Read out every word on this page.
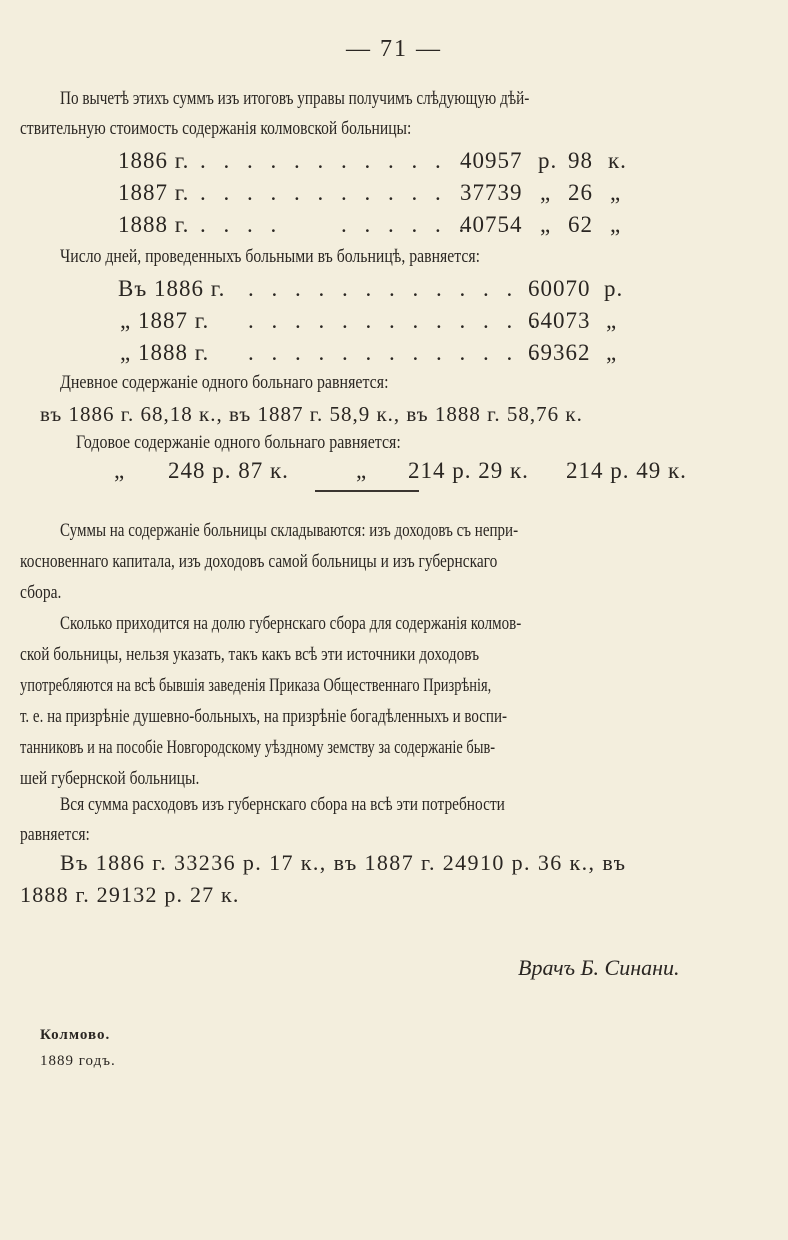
— 71 —
По вычетѣ этихъ суммъ изъ итоговъ управы получимъ слѣдующую дѣй-
ствительную стоимость содержанія колмовской больницы:
1886 г. . . . . . . . . . . . 40957 р. 98 к.
1887 г. . . . . . . . . . . . 37739 „ 26 „
1888 г. . . . .     . . . . . .
40754 „ 62 „
Число дней, проведенныхъ больными въ больницѣ, равняется:
Въ 1886 г. . . . . . . . . . . . . 60070 р.
„ 1887 г. . . . . . . . . . . . . .
64073 „
„ 1888 г. . . . . . . . . . . . . .
69362 „
Дневное содержаніе одного больнаго равняется:
въ 1886 г. 68,18 к., въ 1887 г. 58,9 к., въ 1888 г. 58,76 к.
Годовое содержаніе одного больнаго равняется:
„ 248 р. 87 к.	„ 214 р. 29 к. 214 р. 49 к.
Суммы на содержаніе больницы складываются: изъ доходовъ съ непри-
косновеннаго капитала, изъ доходовъ самой больницы и изъ губернскаго
сбора.
Сколько приходится на долю губернскаго сбора для содержанія колмов-
ской больницы, нельзя указать, такъ какъ всѣ эти источники доходовъ
употребляются на всѣ бывшія заведенія Приказа Общественнаго Призрѣнія,
т. е. на призрѣніе душевно-больныхъ, на призрѣніе богадѣленныхъ и воспи-
танниковъ и на пособіе Новгородскому уѣздному земству за содержаніе быв-
шей губернской больницы.
Вся сумма расходовъ изъ губернскаго сбора на всѣ эти потребности
равняется:
Въ 1886 г. 33236 р. 17 к., въ 1887 г. 24910 р. 36 к., въ
1888 г. 29132 р. 27 к.
Врачъ Б. Синани.
Колмово.
1889 годъ.
